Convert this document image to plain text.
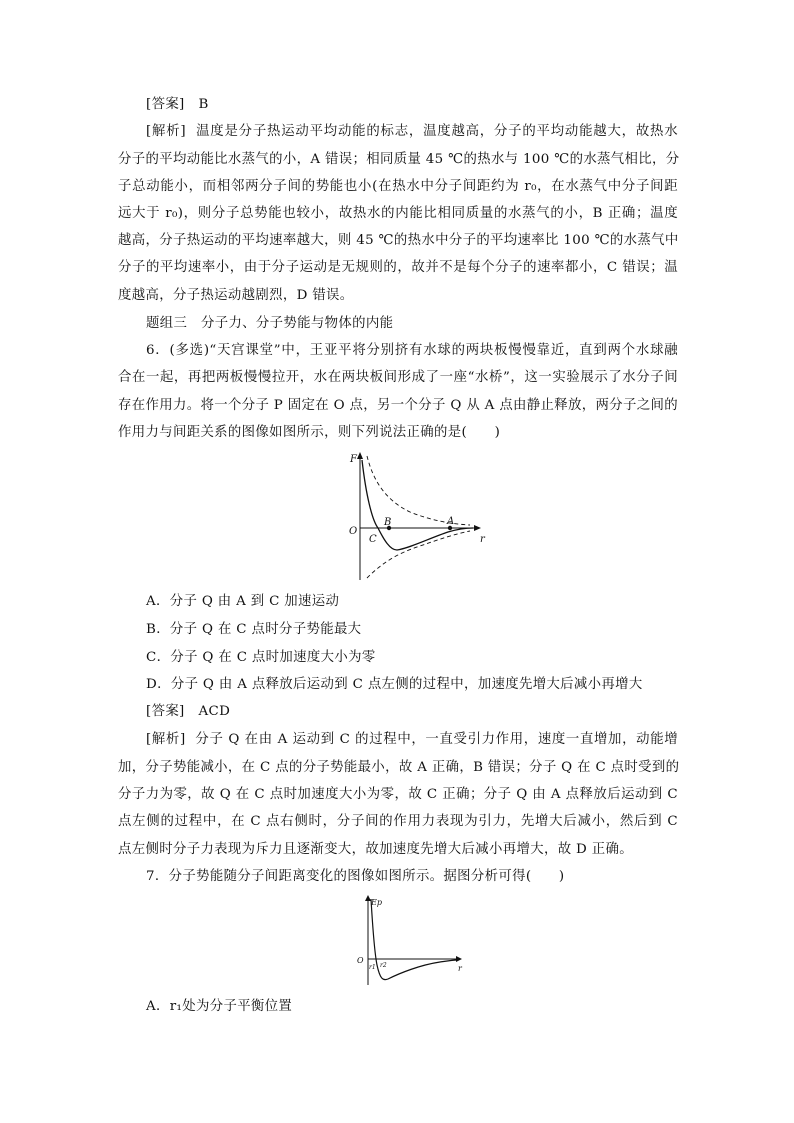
[答案] B
[解析] 温度是分子热运动平均动能的标志，温度越高，分子的平均动能越大，故热水
分子的平均动能比水蒸气的小，A 错误；相同质量 45 ℃的热水与 100 ℃的水蒸气相比，分
子总动能小，而相邻两分子间的势能也小(在热水中分子间距约为 r₀，在水蒸气中分子间距
远大于 r₀)，则分子总势能也较小，故热水的内能比相同质量的水蒸气的小，B 正确；温度
越高，分子热运动的平均速率越大，则 45 ℃的热水中分子的平均速率比 100 ℃的水蒸气中
分子的平均速率小，由于分子运动是无规则的，故并不是每个分子的速率都小，C 错误；温
度越高，分子热运动越剧烈，D 错误。
题组三　分子力、分子势能与物体的内能
6．(多选)“天宫课堂”中，王亚平将分别挤有水球的两块板慢慢靠近，直到两个水球融
合在一起，再把两板慢慢拉开，水在两块板间形成了一座“水桥”，这一实验展示了水分子间
存在作用力。将一个分子 P 固定在 O 点，另一个分子 Q 从 A 点由静止释放，两分子之间的
作用力与间距关系的图像如图所示，则下列说法正确的是(　　)
F
r
O
C
B	A
A．分子 Q 由 A 到 C 加速运动
B．分子 Q 在 C 点时分子势能最大
C．分子 Q 在 C 点时加速度大小为零
D．分子 Q 由 A 点释放后运动到 C 点左侧的过程中，加速度先增大后减小再增大
[答案] ACD
[解析] 分子 Q 在由 A 运动到 C 的过程中，一直受引力作用，速度一直增加，动能增
加，分子势能减小，在 C 点的分子势能最小，故 A 正确，B 错误；分子 Q 在 C 点时受到的
分子力为零，故 Q 在 C 点时加速度大小为零，故 C 正确；分子 Q 由 A 点释放后运动到 C
点左侧的过程中，在 C 点右侧时，分子间的作用力表现为引力，先增大后减小，然后到 C
点左侧时分子力表现为斥力且逐渐变大，故加速度先增大后减小再增大，故 D 正确。
7．分子势能随分子间距离变化的图像如图所示。据图分析可得(　　)
Ep
r
O
r1 r2
A．r₁处为分子平衡位置
